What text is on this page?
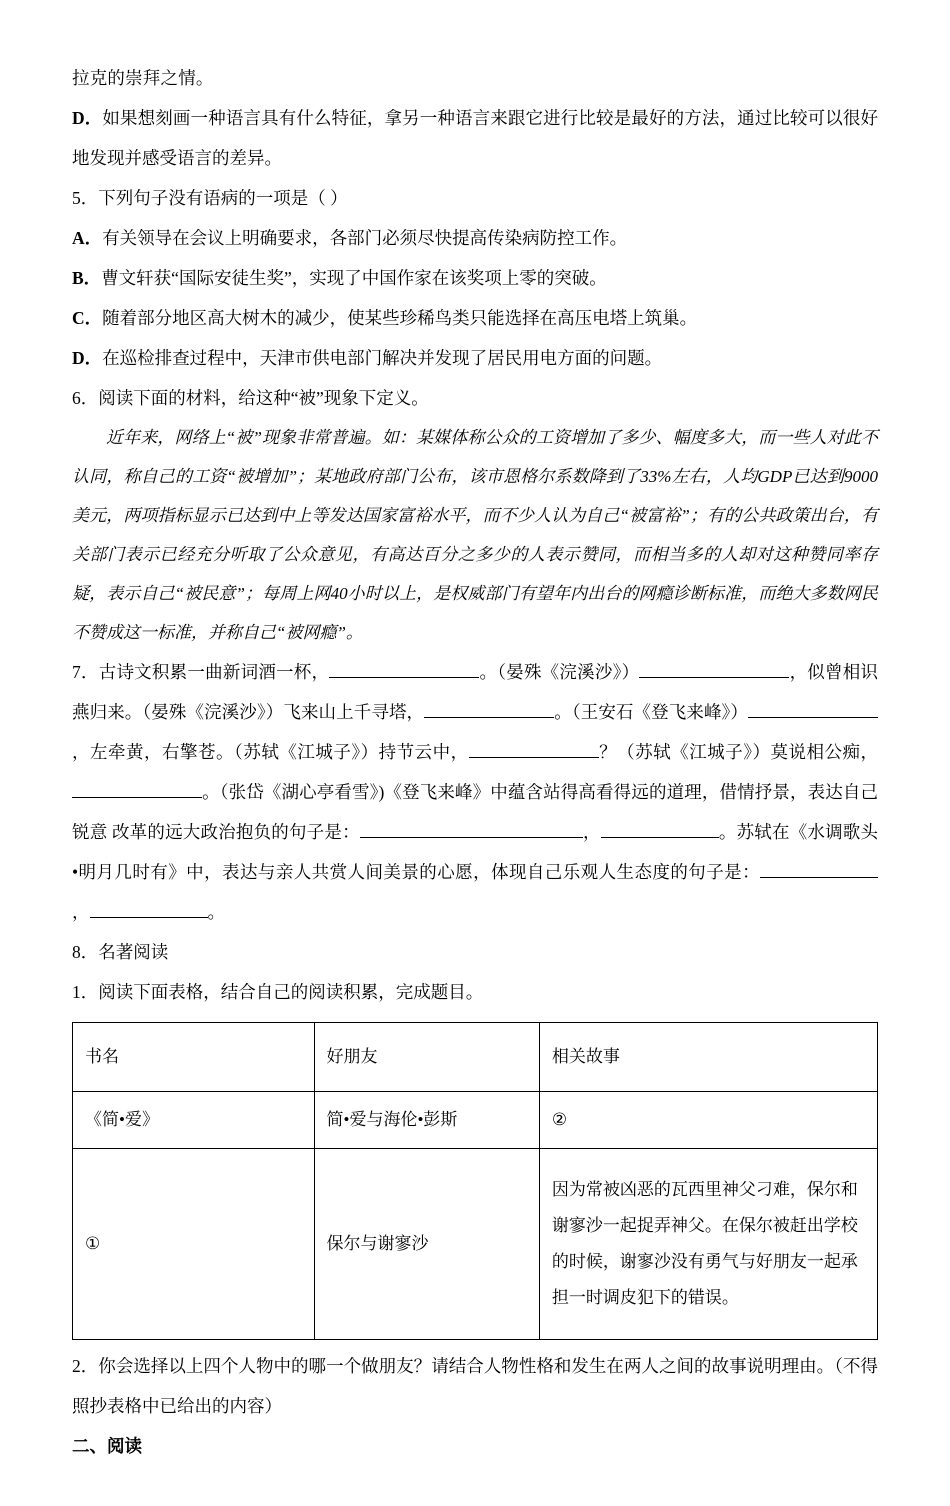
拉克的崇拜之情。

D．如果想刻画一种语言具有什么特征，拿另一种语言来跟它进行比较是最好的方法，通过比较可以很好地发现并感受语言的差异。

5．下列句子没有语病的一项是（ ）

A．有关领导在会议上明确要求，各部门必须尽快提高传染病防控工作。

B．曹文轩获“国际安徒生奖”，实现了中国作家在该奖项上零的突破。

C．随着部分地区高大树木的减少，使某些珍稀鸟类只能选择在高压电塔上筑巢。

D．在巡检排查过程中，天津市供电部门解决并发现了居民用电方面的问题。

6．阅读下面的材料，给这种“被”现象下定义。

近年来，网络上“被”现象非常普遍。如：某媒体称公众的工资增加了多少、幅度多大，而一些人对此不认同，称自己的工资“被增加”；某地政府部门公布，该市恩格尔系数降到了33%左右，人均GDP已达到9000美元，两项指标显示已达到中上等发达国家富裕水平，而不少人认为自己“被富裕”；有的公共政策出台，有关部门表示已经充分听取了公众意见，有高达百分之多少的人表示赞同，而相当多的人却对这种赞同率存疑，表示自己“被民意”；每周上网40小时以上，是权威部门有望年内出台的网瘾诊断标准，而绝大多数网民不赞成这一标准，并称自己“被网瘾”。

7．古诗文积累一曲新词酒一杯，	。（晏殊《浣溪沙》）	，似曾相识燕归来。（晏殊《浣溪沙》）飞来山上千寻塔，	。（王安石《登飞来峰》），左牵黄，右擎苍。（苏轼《江城子》）持节云中，	？（苏轼《江城子》）莫说相公痴，。（张岱《湖心亭看雪》)《登飞来峰》中蕴含站得高看得远的道理，借情抒景，表达自己锐意 改革的远大政治抱负的句子是：	，	。苏轼在《水调歌头•明月几时有》中，表达与亲人共赏人间美景的心愿，体现自己乐观人生态度的句子是：，	。

8．名著阅读

1．阅读下面表格，结合自己的阅读积累，完成题目。

书名	好朋友	相关故事
《简•爱》	简•爱与海伦•彭斯	②
①	保尔与谢寥沙	因为常被凶恶的瓦西里神父刁难，保尔和谢寥沙一起捉弄神父。在保尔被赶出学校的时候，谢寥沙没有勇气与好朋友一起承担一时调皮犯下的错误。

2．你会选择以上四个人物中的哪一个做朋友？请结合人物性格和发生在两人之间的故事说明理由。（不得照抄表格中已给出的内容）

二、阅读
